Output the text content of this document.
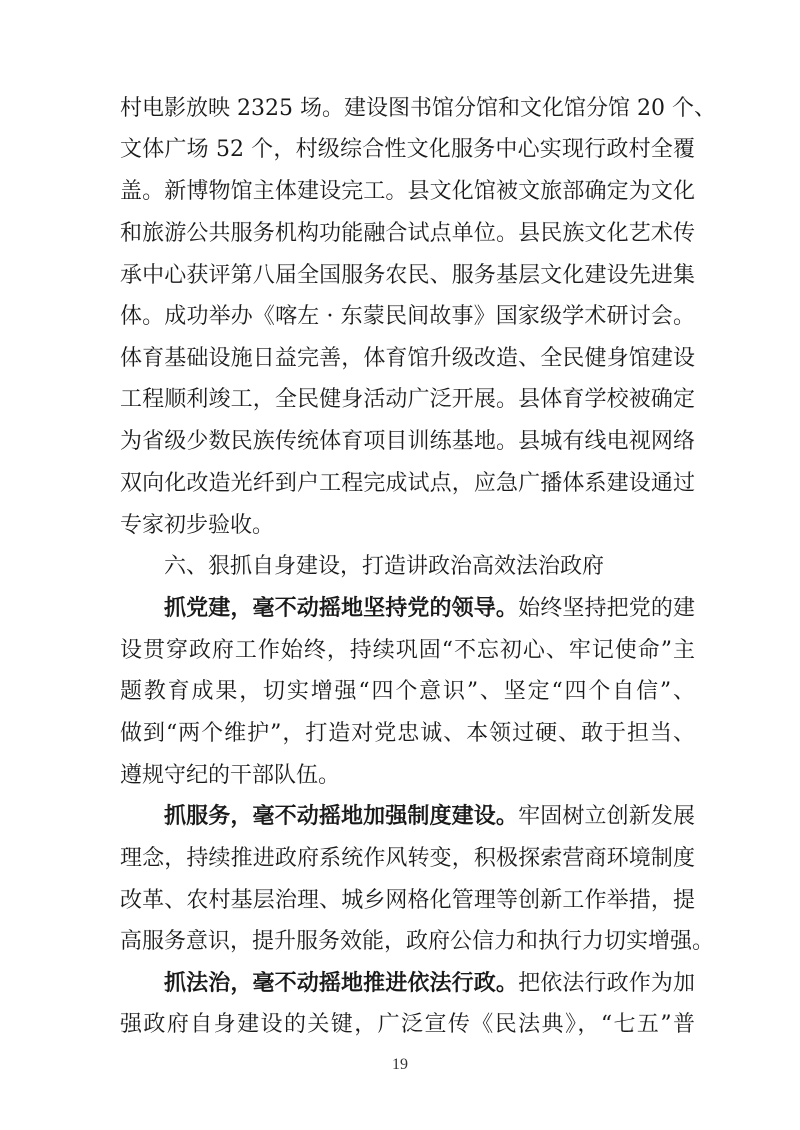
村电影放映 2325 场。建设图书馆分馆和文化馆分馆 20 个、
文体广场 52 个，村级综合性文化服务中心实现行政村全覆
盖。新博物馆主体建设完工。县文化馆被文旅部确定为文化
和旅游公共服务机构功能融合试点单位。县民族文化艺术传
承中心获评第八届全国服务农民、服务基层文化建设先进集
体。成功举办《喀左 · 东蒙民间故事》国家级学术研讨会。
体育基础设施日益完善，体育馆升级改造、全民健身馆建设
工程顺利竣工，全民健身活动广泛开展。县体育学校被确定
为省级少数民族传统体育项目训练基地。县城有线电视网络
双向化改造光纤到户工程完成试点，应急广播体系建设通过
专家初步验收。
六、狠抓自身建设，打造讲政治高效法治政府
抓党建，毫不动摇地坚持党的领导。始终坚持把党的建
设贯穿政府工作始终，持续巩固“不忘初心、牢记使命”主
题教育成果，切实增强“四个意识”、坚定“四个自信”、
做到“两个维护”，打造对党忠诚、本领过硬、敢于担当、
遵规守纪的干部队伍。
抓服务，毫不动摇地加强制度建设。牢固树立创新发展
理念，持续推进政府系统作风转变，积极探索营商环境制度
改革、农村基层治理、城乡网格化管理等创新工作举措，提
高服务意识，提升服务效能，政府公信力和执行力切实增强。
抓法治，毫不动摇地推进依法行政。把依法行政作为加
强政府自身建设的关键，广泛宣传《民法典》，“七五”普
19
